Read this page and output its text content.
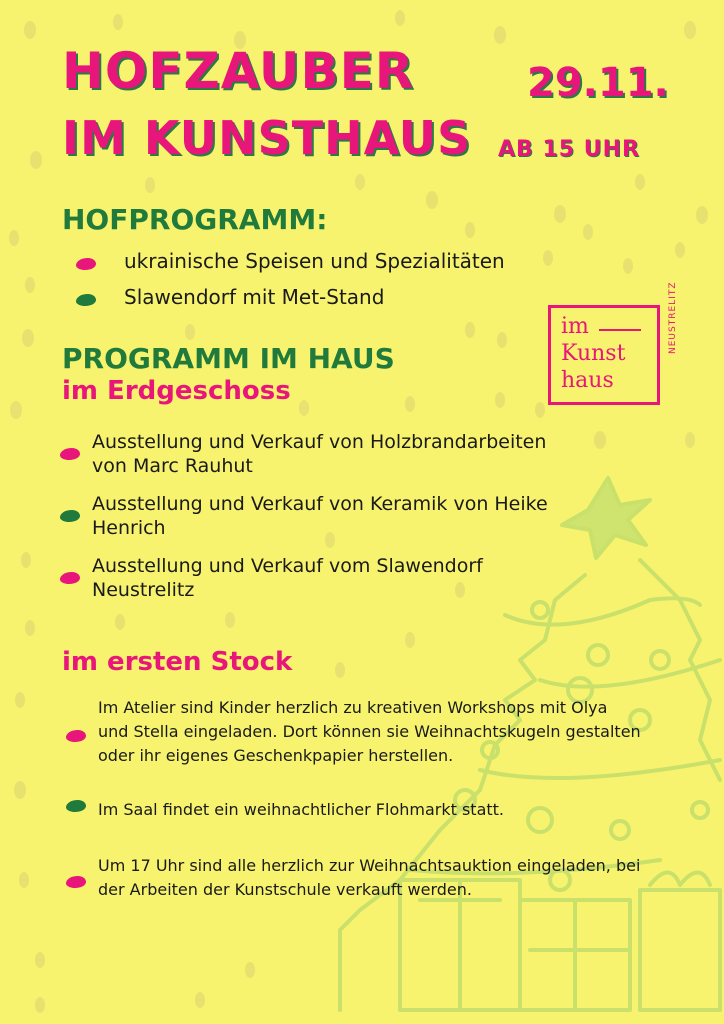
HOFZAUBER
IM KUNSTHAUS
29.11.
AB 15 UHR
HOFPROGRAMM:
ukrainische Speisen und Spezialitäten
Slawendorf mit Met-Stand
PROGRAMM IM HAUS
im Erdgeschoss
Ausstellung und Verkauf von Holzbrandarbeiten von Marc Rauhut
Ausstellung und Verkauf von Keramik von Heike Henrich
Ausstellung und Verkauf vom Slawendorf Neustrelitz
im ersten Stock
Im Atelier sind Kinder herzlich zu kreativen Workshops mit Olya und Stella eingeladen. Dort können sie Weihnachtskugeln gestalten oder ihr eigenes Geschenkpapier herstellen.
Im Saal findet ein weihnachtlicher Flohmarkt statt.
Um 17 Uhr sind alle herzlich zur Weihnachtsauktion eingeladen, bei der Arbeiten der Kunstschule verkauft werden.
im
Kunst
haus
NEUSTRELITZ
